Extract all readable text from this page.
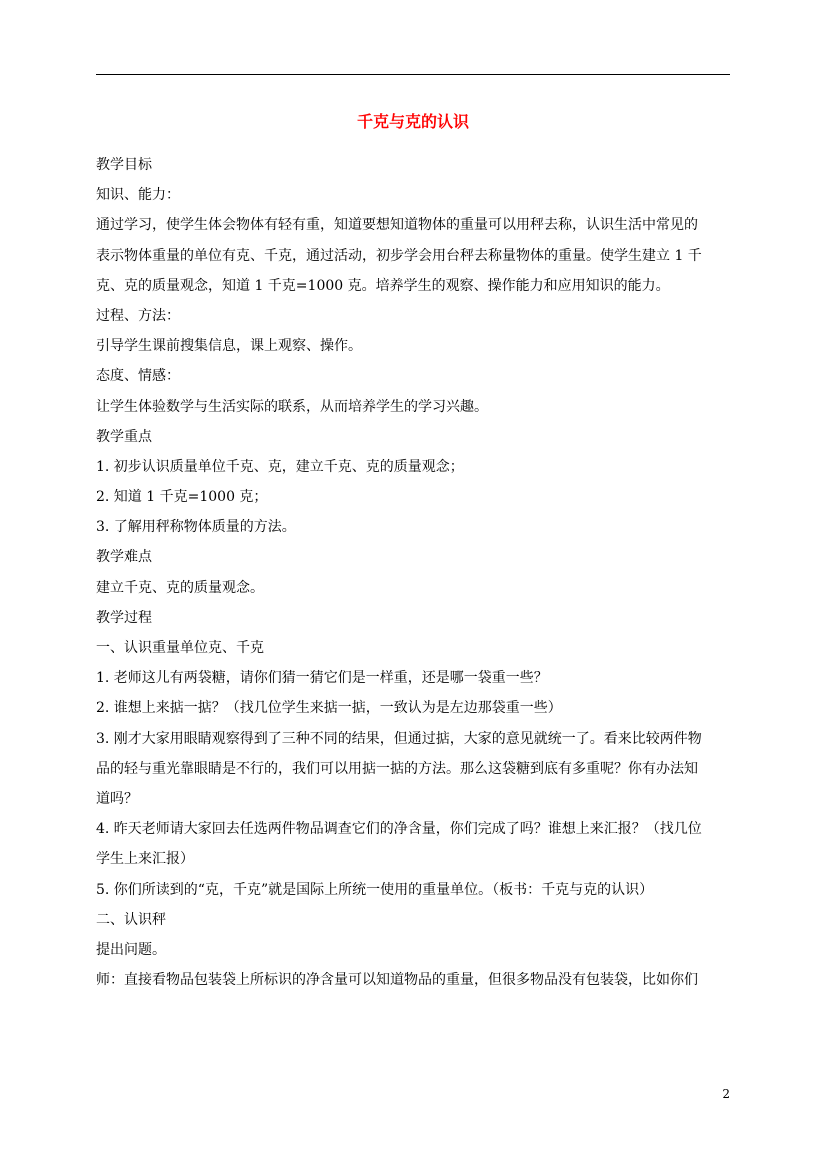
千克与克的认识

教学目标

知识、能力：

通过学习，使学生体会物体有轻有重，知道要想知道物体的重量可以用秤去称，认识生活中常见的

表示物体重量的单位有克、千克，通过活动，初步学会用台秤去称量物体的重量。使学生建立 1 千

克、克的质量观念，知道 1 千克=1000 克。培养学生的观察、操作能力和应用知识的能力。

过程、方法：

引导学生课前搜集信息，课上观察、操作。

态度、情感：

让学生体验数学与生活实际的联系，从而培养学生的学习兴趣。

教学重点

1. 初步认识质量单位千克、克，建立千克、克的质量观念；

2. 知道 1 千克=1000 克；

3. 了解用秤称物体质量的方法。

教学难点

建立千克、克的质量观念。

教学过程

一、认识重量单位克、千克

1. 老师这儿有两袋糖，请你们猜一猜它们是一样重，还是哪一袋重一些？

2. 谁想上来掂一掂？（找几位学生来掂一掂，一致认为是左边那袋重一些）

3. 刚才大家用眼睛观察得到了三种不同的结果，但通过掂，大家的意见就统一了。看来比较两件物

品的轻与重光靠眼睛是不行的，我们可以用掂一掂的方法。那么这袋糖到底有多重呢？你有办法知

道吗？

4. 昨天老师请大家回去任选两件物品调查它们的净含量，你们完成了吗？谁想上来汇报？（找几位

学生上来汇报）

5. 你们所读到的“克，千克”就是国际上所统一使用的重量单位。（板书：千克与克的认识）

二、认识秤

提出问题。

师：直接看物品包装袋上所标识的净含量可以知道物品的重量，但很多物品没有包装袋，比如你们

2
